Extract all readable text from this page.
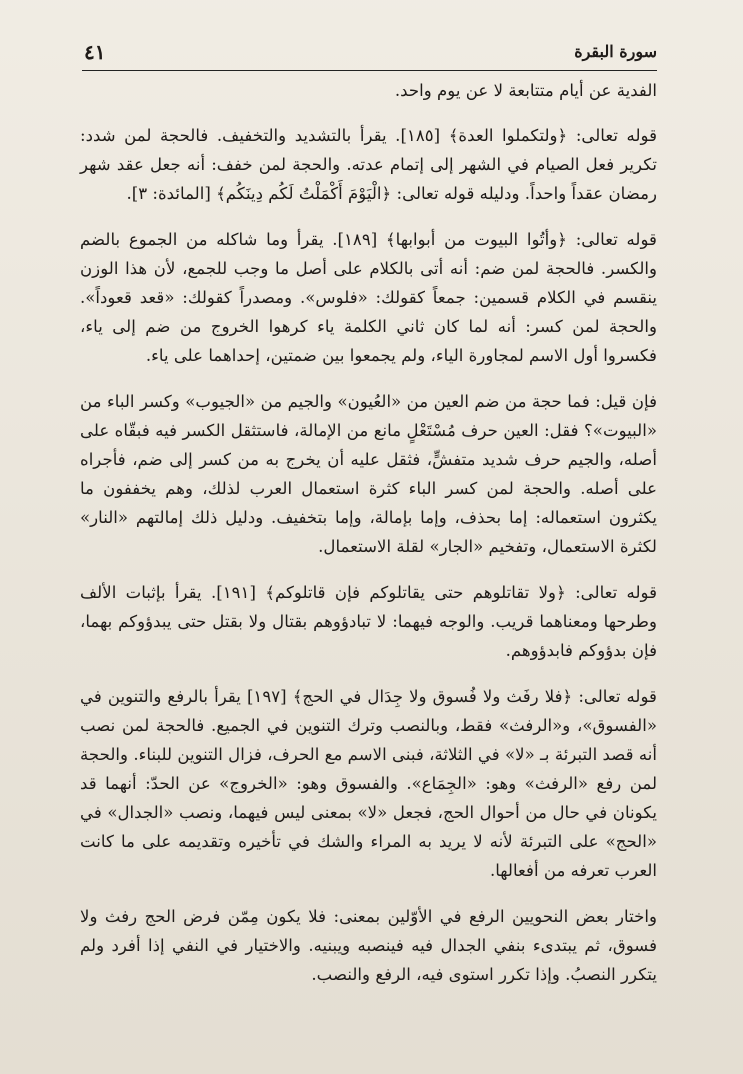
سورة البقرة
٤١

الفدية عن أيام متتابعة لا عن يوم واحد.

قوله تعالى: ﴿ولتكملوا العدة﴾ [١٨٥]. يقرأ بالتشديد والتخفيف. فالحجة لمن شدد: تكرير فعل الصيام في الشهر إلى إتمام عدته. والحجة لمن خفف: أنه جعل عقد شهر رمضان عقداً واحداً. ودليله قوله تعالى: ﴿الْيَوْمَ أَكْمَلْتُ لَكُم دِينَكُم﴾ [المائدة: ٣].

قوله تعالى: ﴿وأتُوا البيوت من أبوابها﴾ [١٨٩]. يقرأ وما شاكله من الجموع بالضم والكسر. فالحجة لمن ضم: أنه أتى بالكلام على أصل ما وجب للجمع، لأن هذا الوزن ينقسم في الكلام قسمين: جمعاً كقولك: «فلوس». ومصدراً كقولك: «قعد قعوداً». والحجة لمن كسر: أنه لما كان ثاني الكلمة ياء كرهوا الخروج من ضم إلى ياء، فكسروا أول الاسم لمجاورة الياء، ولم يجمعوا بين ضمتين، إحداهما على ياء.

فإن قيل: فما حجة من ضم العين من «العُيون» والجيم من «الجيوب» وكسر الباء من «البيوت»؟ فقل: العين حرف مُسْتَعْلٍ مانع من الإمالة، فاستثقل الكسر فيه فبقّاه على أصله، والجيم حرف شديد متفشٍّ، فثقل عليه أن يخرج به من كسر إلى ضم، فأجراه على أصله. والحجة لمن كسر الباء كثرة استعمال العرب لذلك، وهم يخففون ما يكثرون استعماله: إما بحذف، وإما بإمالة، وإما بتخفيف. ودليل ذلك إمالتهم «النار» لكثرة الاستعمال، وتفخيم «الجار» لقلة الاستعمال.

قوله تعالى: ﴿ولا تقاتلوهم حتى يقاتلوكم فإن قاتلوكم﴾ [١٩١]. يقرأ بإثبات الألف وطرحها ومعناهما قريب. والوجه فيهما: لا تبادؤوهم بقتال ولا بقتل حتى يبدؤوكم بهما، فإن بدؤوكم فابدؤوهم.

قوله تعالى: ﴿فلا رفَث ولا فُسوق ولا جِدَال في الحج﴾ [١٩٧] يقرأ بالرفع والتنوين في «الفسوق»، و«الرفث» فقط، وبالنصب وترك التنوين في الجميع. فالحجة لمن نصب أنه قصد التبرئة بـ «لا» في الثلاثة، فبنى الاسم مع الحرف، فزال التنوين للبناء. والحجة لمن رفع «الرفث» وهو: «الجِمَاع». والفسوق وهو: «الخروج» عن الحدّ: أنهما قد يكونان في حال من أحوال الحج، فجعل «لا» بمعنى ليس فيهما، ونصب «الجدال» في «الحج» على التبرئة لأنه لا يريد به المراء والشك في تأخيره وتقديمه على ما كانت العرب تعرفه من أفعالها.

واختار بعض النحويين الرفع في الأوّلين بمعنى: فلا يكون مِمّن فرض الحج رفث ولا فسوق، ثم يبتدىء بنفي الجدال فيه فينصبه ويبنيه. والاختيار في النفي إذا أفرد ولم يتكرر النصبُ. وإذا تكرر استوى فيه، الرفع والنصب.
